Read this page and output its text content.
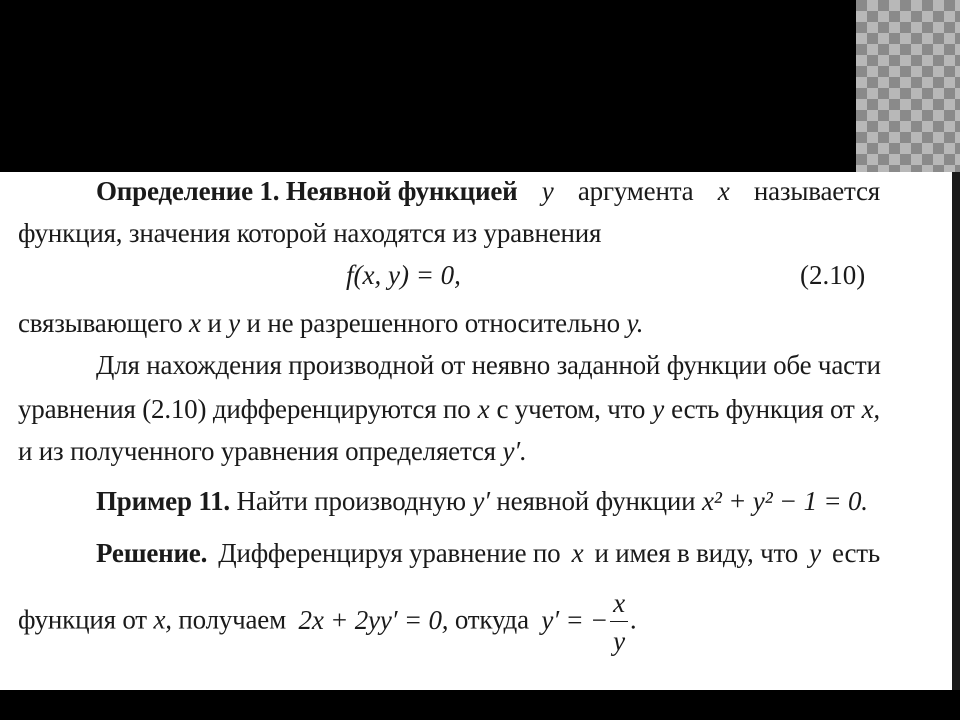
Определение 1. Неявной функцией y аргумента x называется
функция, значения которой находятся из уравнения
f(x, y) = 0,	(2.10)
связывающего x и y и не разрешенного относительно y.
Для нахождения производной от неявно заданной функции обе части
уравнения (2.10) дифференцируются по x с учетом, что y есть функция от x,
и из полученного уравнения определяется y′.
Пример 11. Найти производную y′ неявной функции x² + y² − 1 = 0.
Решение. Дифференцируя уравнение по x и имея в виду, что y есть
функция от x, получаем 2x + 2yy′ = 0, откуда y′ = − $\frac{x}{y}$ .
